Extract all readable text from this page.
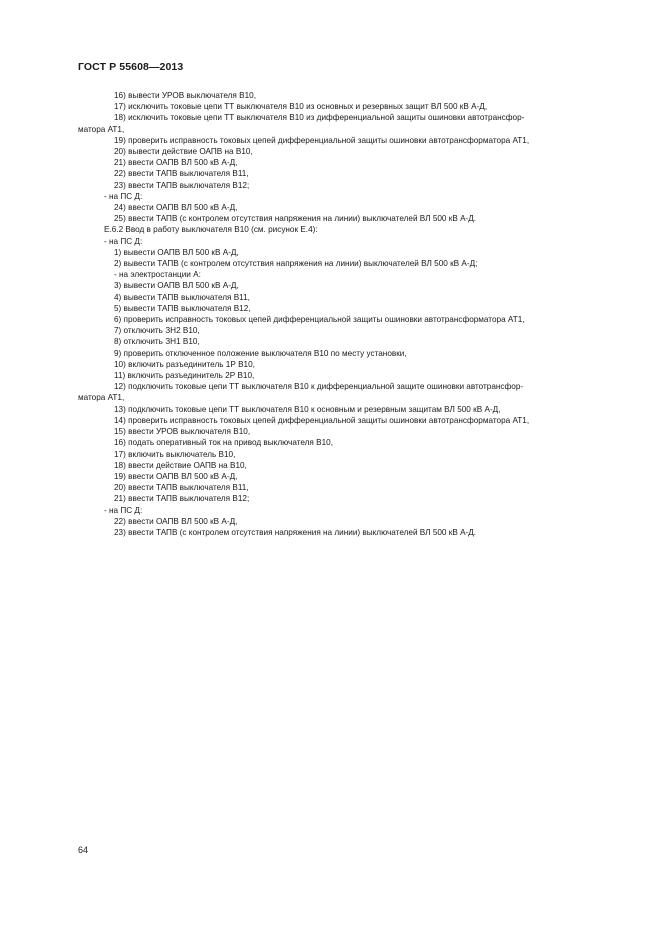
ГОСТ Р 55608—2013
16) вывести УРОВ выключателя В10,
17) исключить токовые цепи ТТ выключателя В10 из основных и резервных защит ВЛ 500 кВ А-Д,
18) исключить токовые цепи ТТ выключателя В10 из дифференциальной защиты ошиновки автотрансфор-
матора АТ1,
19) проверить исправность токовых цепей дифференциальной защиты ошиновки автотрансформатора АТ1,
20) вывести действие ОАПВ на В10,
21) ввести ОАПВ ВЛ 500 кВ А-Д,
22) ввести ТАПВ выключателя В11,
23) ввести ТАПВ выключателя В12;
- на ПС Д:
24) ввести ОАПВ ВЛ 500 кВ А-Д,
25) ввести ТАПВ (с контролем отсутствия напряжения на линии) выключателей ВЛ 500 кВ А-Д.
Е.6.2 Ввод в работу выключателя В10 (см. рисунок Е.4):
- на ПС Д:
1) вывести ОАПВ ВЛ 500 кВ А-Д,
2) вывести ТАПВ (с контролем отсутствия напряжения на линии) выключателей ВЛ 500 кВ А-Д;
- на электростанции А:
3) вывести ОАПВ ВЛ 500 кВ А-Д,
4) вывести ТАПВ выключателя В11,
5) вывести ТАПВ выключателя В12,
6) проверить исправность токовых цепей дифференциальной защиты ошиновки автотрансформатора АТ1,
7) отключить ЗН2 В10,
8) отключить ЗН1 В10,
9) проверить отключенное положение выключателя В10 по месту установки,
10) включить разъединитель 1Р В10,
11) включить разъединитель 2Р В10,
12) подключить токовые цепи ТТ выключателя В10 к дифференциальной защите ошиновки автотрансфор-
матора АТ1,
13) подключить токовые цепи ТТ выключателя В10 к основным и резервным защитам ВЛ 500 кВ А-Д,
14) проверить исправность токовых цепей дифференциальной защиты ошиновки автотрансформатора АТ1,
15) ввести УРОВ выключателя В10,
16) подать оперативный ток на привод выключателя В10,
17) включить выключатель В10,
18) ввести действие ОАПВ на В10,
19) ввести ОАПВ ВЛ 500 кВ А-Д,
20) ввести ТАПВ выключателя В11,
21) ввести ТАПВ выключателя В12;
- на ПС Д:
22) ввести ОАПВ ВЛ 500 кВ А-Д,
23) ввести ТАПВ (с контролем отсутствия напряжения на линии) выключателей ВЛ 500 кВ А-Д.
64
